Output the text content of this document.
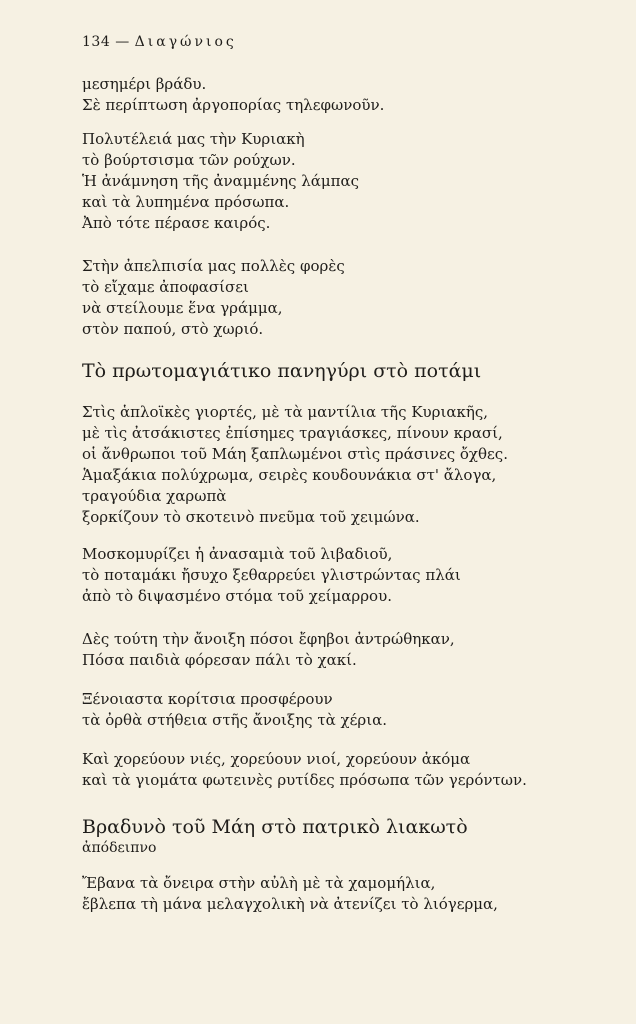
134 — Διαγώνιος
μεσημέρι βράδυ.
Σὲ περίπτωση ἀργοπορίας τηλεφωνοῦν.
Πολυτέλειά μας τὴν Κυριακὴ
τὸ βούρτσισμα τῶν ρούχων.
Ἡ ἀνάμνηση τῆς ἀναμμένης λάμπας
καὶ τὰ λυπημένα πρόσωπα.
Ἀπὸ τότε πέρασε καιρός.
Στὴν ἀπελπισία μας πολλὲς φορὲς
τὸ εἴχαμε ἀποφασίσει
νὰ στείλουμε ἕνα γράμμα,
στὸν παπού, στὸ χωριό.
Τὸ πρωτομαγιάτικο πανηγύρι στὸ ποτάμι
Στὶς ἁπλοϊκὲς γιορτές, μὲ τὰ μαντίλια τῆς Κυριακῆς,
μὲ τὶς ἀτσάκιστες ἐπίσημες τραγιάσκες, πίνουν κρασί,
οἱ ἄνθρωποι τοῦ Μάη ξαπλωμένοι στὶς πράσινες ὄχθες.
Ἁμαξάκια πολύχρωμα, σειρὲς κουδουνάκια στ' ἄλογα,
τραγούδια χαρωπὰ
ξορκίζουν τὸ σκοτεινὸ πνεῦμα τοῦ χειμώνα.
Μοσκομυρίζει ἡ ἀνασαμιὰ τοῦ λιβαδιοῦ,
τὸ ποταμάκι ἤσυχο ξεθαρρεύει γλιστρώντας πλάι
ἀπὸ τὸ διψασμένο στόμα τοῦ χείμαρρου.
Δὲς τούτη τὴν ἄνοιξη πόσοι ἔφηβοι ἀντρώθηκαν,
Πόσα παιδιὰ φόρεσαν πάλι τὸ χακί.
Ξένοιαστα κορίτσια προσφέρουν
τὰ ὀρθὰ στήθεια στῆς ἄνοιξης τὰ χέρια.
Καὶ χορεύουν νιές, χορεύουν νιοί, χορεύουν ἀκόμα
καὶ τὰ γιομάτα φωτεινὲς ρυτίδες πρόσωπα τῶν γερόντων.
Βραδυνὸ τοῦ Μάη στὸ πατρικὸ λιακωτὸ
ἀπόδειπνο
Ἔβανα τὰ ὄνειρα στὴν αὐλὴ μὲ τὰ χαμομήλια,
ἔβλεπα τὴ μάνα μελαγχολικὴ νὰ ἀτενίζει τὸ λιόγερμα,
